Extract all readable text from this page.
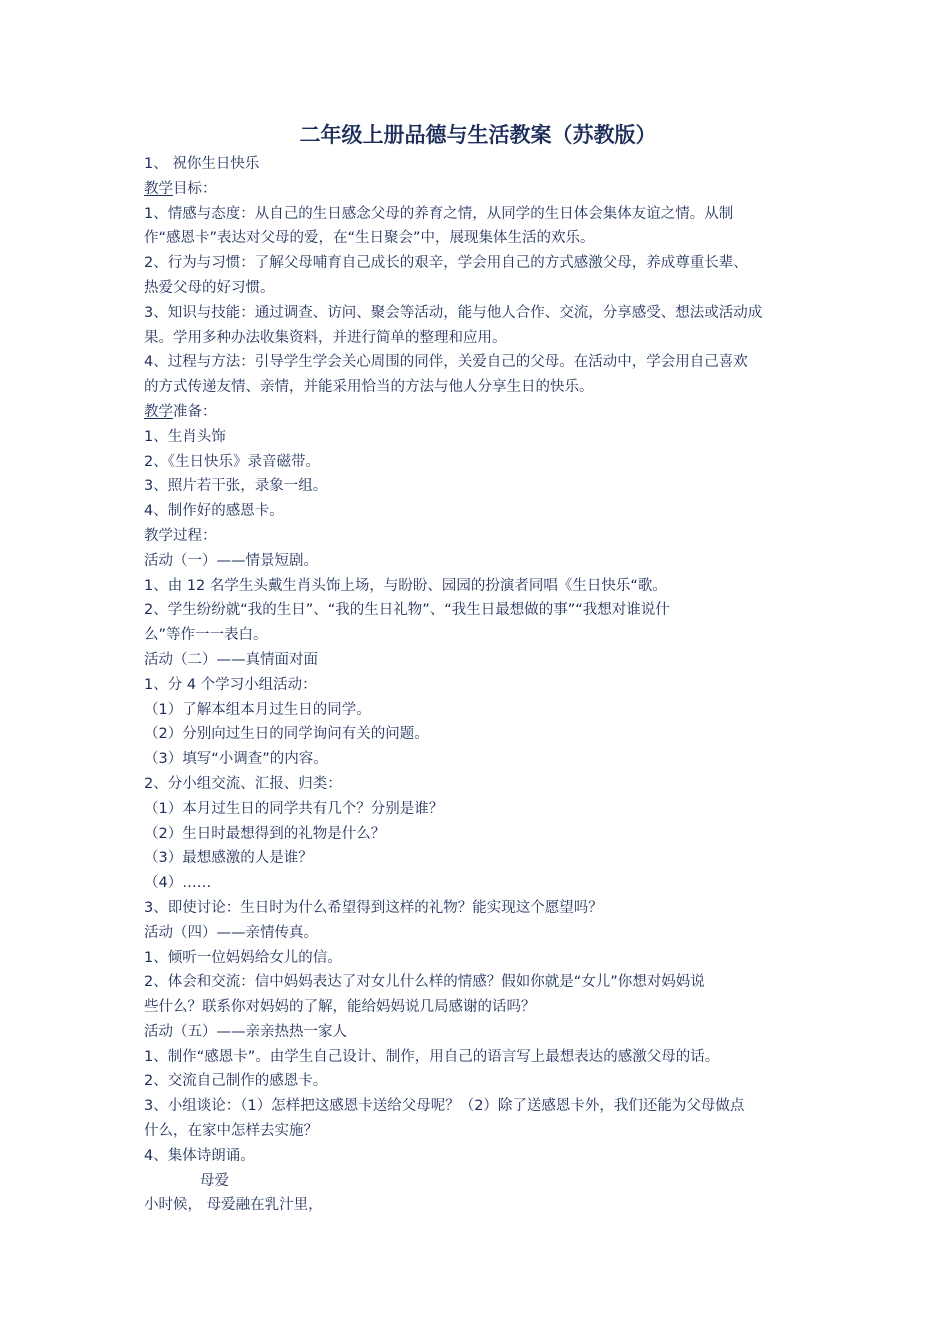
二年级上册品德与生活教案（苏教版）
1、 祝你生日快乐
教学目标：
1、情感与态度：从自己的生日感念父母的养育之情，从同学的生日体会集体友谊之情。从制
作“感恩卡”表达对父母的爱，在“生日聚会”中，展现集体生活的欢乐。
2、行为与习惯：了解父母哺育自己成长的艰辛，学会用自己的方式感激父母，养成尊重长辈、
热爱父母的好习惯。
3、知识与技能：通过调查、访问、聚会等活动，能与他人合作、交流，分享感受、想法或活动成
果。学用多种办法收集资料，并进行简单的整理和应用。
4、过程与方法：引导学生学会关心周围的同伴，关爱自己的父母。在活动中，学会用自己喜欢
的方式传递友情、亲情，并能采用恰当的方法与他人分享生日的快乐。
教学准备：
1、生肖头饰
2、《生日快乐》录音磁带。
3、照片若干张，录象一组。
4、制作好的感恩卡。
教学过程：
活动（一）——情景短剧。
1、由 12 名学生头戴生肖头饰上场，与盼盼、园园的扮演者同唱《生日快乐“歌。
2、学生纷纷就“我的生日”、“我的生日礼物”、“我生日最想做的事”“我想对谁说什
么”等作一一表白。
活动（二）——真情面对面
1、分 4 个学习小组活动：
（1）了解本组本月过生日的同学。
（2）分别向过生日的同学询问有关的问题。
（3）填写“小调查”的内容。
2、分小组交流、汇报、归类：
（1）本月过生日的同学共有几个？分别是谁？
（2）生日时最想得到的礼物是什么？
（3）最想感激的人是谁？
（4）……
3、即使讨论：生日时为什么希望得到这样的礼物？能实现这个愿望吗？
活动（四）——亲情传真。
1、倾听一位妈妈给女儿的信。
2、体会和交流：信中妈妈表达了对女儿什么样的情感？假如你就是“女儿”你想对妈妈说
些什么？联系你对妈妈的了解，能给妈妈说几局感谢的话吗？
活动（五）——亲亲热热一家人
1、制作“感恩卡”。由学生自己设计、制作，用自己的语言写上最想表达的感激父母的话。
2、交流自己制作的感恩卡。
3、小组谈论：（1）怎样把这感恩卡送给父母呢？（2）除了送感恩卡外，我们还能为父母做点
什么，在家中怎样去实施？
4、集体诗朗诵。
母爱
小时候， 母爱融在乳汁里，
